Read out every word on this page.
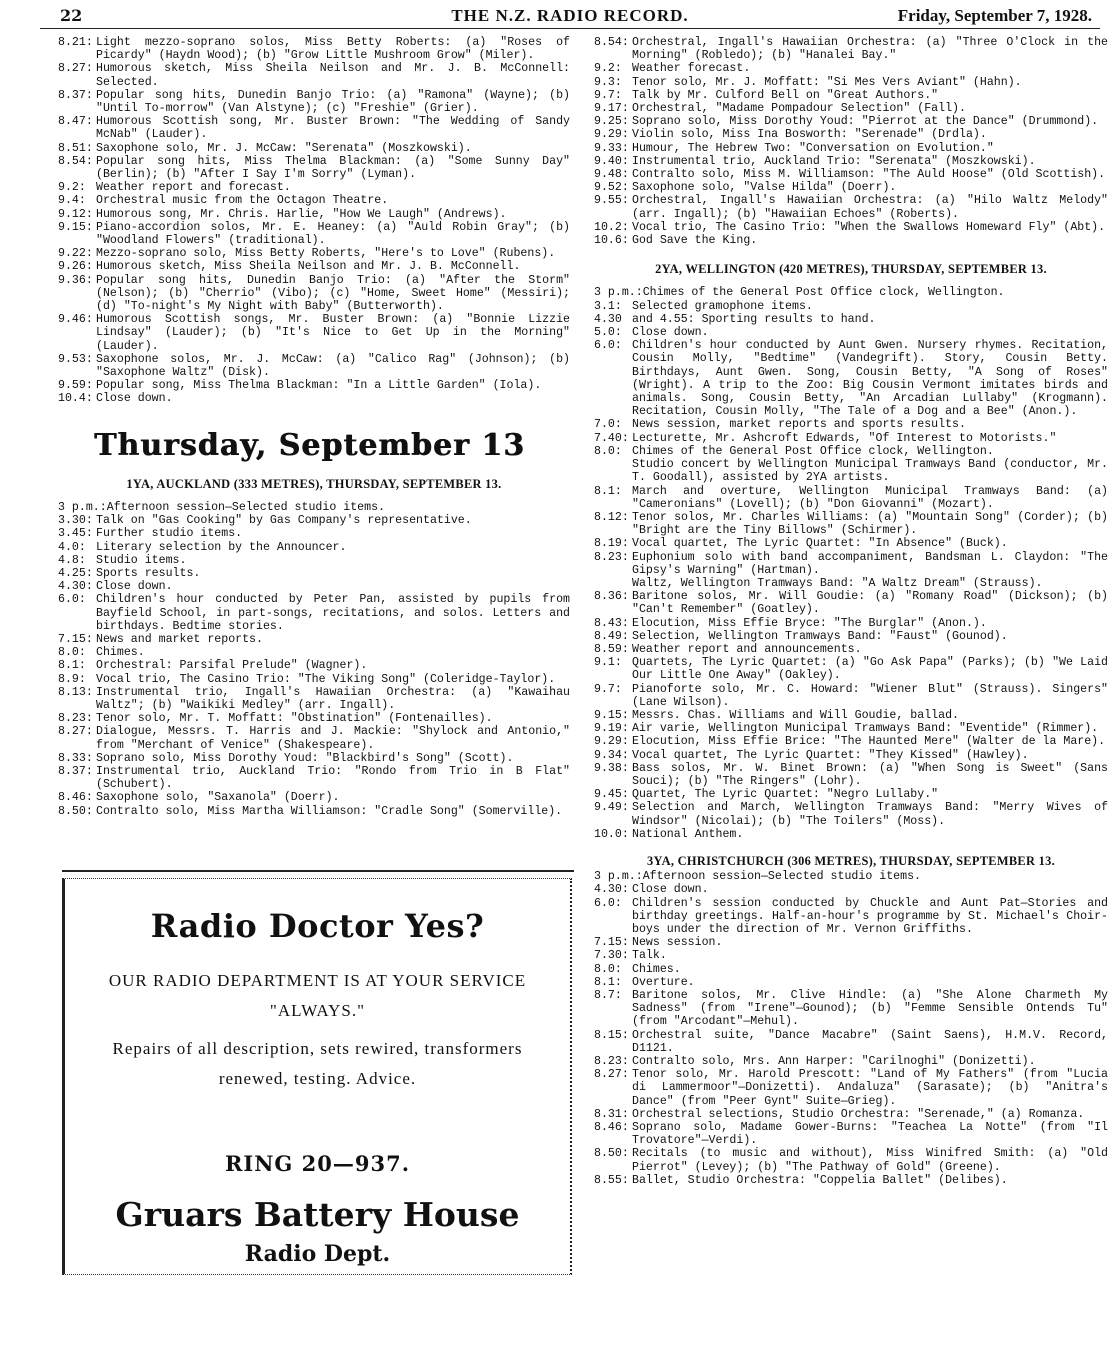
22	THE N.Z. RADIO RECORD.	Friday, September 7, 1928.
8.21: Light mezzo-soprano solos, Miss Betty Roberts: (a) "Roses of Picardy" (Haydn Wood); (b) "Grow Little Mushroom Grow" (Miler).
8.27: Humorous sketch, Miss Sheila Neilson and Mr. J. B. McConnell: Selected.
8.37: Popular song hits, Dunedin Banjo Trio: (a) "Ramona" (Wayne); (b) "Until To-morrow" (Van Alstyne); (c) "Freshie" (Grier).
8.47: Humorous Scottish song, Mr. Buster Brown: "The Wedding of Sandy McNab" (Lauder).
8.51: Saxophone solo, Mr. J. McCaw: "Serenata" (Moszkowski).
8.54: Popular song hits, Miss Thelma Blackman: (a) "Some Sunny Day" (Berlin); (b) "After I Say I'm Sorry" (Lyman).
9.2: Weather report and forecast.
9.4: Orchestral music from the Octagon Theatre.
9.12: Humorous song, Mr. Chris. Harlie, "How We Laugh" (Andrews).
9.15: Piano-accordion solos, Mr. E. Heaney: (a) "Auld Robin Gray"; (b) "Woodland Flowers" (traditional).
9.22: Mezzo-soprano solo, Miss Betty Roberts, "Here's to Love" (Rubens).
9.26: Humorous sketch, Miss Sheila Neilson and Mr. J. B. McConnell.
9.36: Popular song hits, Dunedin Banjo Trio: (a) "After the Storm" (Nelson); (b) "Cherrio" (Vibo); (c) "Home, Sweet Home" (Messiri); (d) "To-night's My Night with Baby" (Butterworth).
9.46: Humorous Scottish songs, Mr. Buster Brown: (a) "Bonnie Lizzie Lindsay" (Lauder); (b) "It's Nice to Get Up in the Morning" (Lauder).
9.53: Saxophone solos, Mr. J. McCaw: (a) "Calico Rag" (Johnson); (b) "Saxophone Waltz" (Disk).
9.59: Popular song, Miss Thelma Blackman: "In a Little Garden" (Iola).
10.4: Close down.
Thursday, September 13
1YA, AUCKLAND (333 METRES), THURSDAY, SEPTEMBER 13.
3 p.m.: Afternoon session—Selected studio items.
3.30: Talk on "Gas Cooking" by Gas Company's representative.
3.45: Further studio items.
4.0: Literary selection by the Announcer.
4.8: Studio items.
4.25: Sports results.
4.30: Close down.
6.0: Children's hour conducted by Peter Pan, assisted by pupils from Bayfield School, in part-songs, recitations, and solos. Letters and birthdays. Bedtime stories.
7.15: News and market reports.
8.0: Chimes.
8.1: Orchestral: Parsifal Prelude" (Wagner).
8.9: Vocal trio, The Casino Trio: "The Viking Song" (Coleridge-Taylor).
8.13: Instrumental trio, Ingall's Hawaiian Orchestra: (a) "Kawaihau Waltz"; (b) "Waikiki Medley" (arr. Ingall).
8.23: Tenor solo, Mr. T. Moffatt: "Obstination" (Fontenailles).
8.27: Dialogue, Messrs. T. Harris and J. Mackie: "Shylock and Antonio," from "Merchant of Venice" (Shakespeare).
8.33: Soprano solo, Miss Dorothy Youd: "Blackbird's Song" (Scott).
8.37: Instrumental trio, Auckland Trio: "Rondo from Trio in B Flat" (Schubert).
8.46: Saxophone solo, "Saxanola" (Doerr).
8.50: Contralto solo, Miss Martha Williamson: "Cradle Song" (Somerville).
Radio Doctor Yes?
OUR RADIO DEPARTMENT IS AT YOUR SERVICE
"ALWAYS."
Repairs of all description, sets rewired, transformers renewed, testing. Advice.
RING 20—937.
Gruars Battery House
Radio Dept.
8.54: Orchestral, Ingall's Hawaiian Orchestra: (a) "Three O'Clock in the Morning" (Robledo); (b) "Hanalei Bay."
9.2: Weather forecast.
9.3: Tenor solo, Mr. J. Moffatt: "Si Mes Vers Aviant" (Hahn).
9.7: Talk by Mr. Culford Bell on "Great Authors."
9.17: Orchestral, "Madame Pompadour Selection" (Fall).
9.25: Soprano solo, Miss Dorothy Youd: "Pierrot at the Dance" (Drummond).
9.29: Violin solo, Miss Ina Bosworth: "Serenade" (Drdla).
9.33: Humour, The Hebrew Two: "Conversation on Evolution."
9.40: Instrumental trio, Auckland Trio: "Serenata" (Moszkowski).
9.48: Contralto solo, Miss M. Williamson: "The Auld Hoose" (Old Scottish).
9.52: Saxophone solo, "Valse Hilda" (Doerr).
9.55: Orchestral, Ingall's Hawaiian Orchestra: (a) "Hilo Waltz Melody" (arr. Ingall); (b) "Hawaiian Echoes" (Roberts).
10.2: Vocal trio, The Casino Trio: "When the Swallows Homeward Fly" (Abt).
10.6: God Save the King.
2YA, WELLINGTON (420 METRES), THURSDAY, SEPTEMBER 13.
3 p.m.: Chimes of the General Post Office clock, Wellington.
3.1: Selected gramophone items.
4.30 and 4.55: Sporting results to hand.
5.0: Close down.
6.0: Children's hour conducted by Aunt Gwen. Nursery rhymes. Recitation, Cousin Molly, "Bedtime" (Vandegrift). Story, Cousin Betty. Birthdays, Aunt Gwen. Song, Cousin Betty, "A Song of Roses" (Wright). A trip to the Zoo: Big Cousin Vermont imitates birds and animals. Song, Cousin Betty, "An Arcadian Lullaby" (Krogmann). Recitation, Cousin Molly, "The Tale of a Dog and a Bee" (Anon.).
7.0: News session, market reports and sports results.
7.40: Lecturette, Mr. Ashcroft Edwards, "Of Interest to Motorists."
8.0: Chimes of the General Post Office clock, Wellington.
Studio concert by Wellington Municipal Tramways Band (conductor, Mr. T. Goodall), assisted by 2YA artists.
8.1: March and overture, Wellington Municipal Tramways Band: (a) "Cameronians" (Lovell); (b) "Don Giovanni" (Mozart).
8.12: Tenor solos, Mr. Charles Williams: (a) "Mountain Song" (Corder); (b) "Bright are the Tiny Billows" (Schirmer).
8.19: Vocal quartet, The Lyric Quartet: "In Absence" (Buck).
8.23: Euphonium solo with band accompaniment, Bandsman L. Claydon: "The Gipsy's Warning" (Hartman).
Waltz, Wellington Tramways Band: "A Waltz Dream" (Strauss).
8.36: Baritone solos, Mr. Will Goudie: (a) "Romany Road" (Dickson); (b) "Can't Remember" (Goatley).
8.43: Elocution, Miss Effie Bryce: "The Burglar" (Anon.).
8.49: Selection, Wellington Tramways Band: "Faust" (Gounod).
8.59: Weather report and announcements.
9.1: Quartets, The Lyric Quartet: (a) "Go Ask Papa" (Parks); (b) "We Laid Our Little One Away" (Oakley).
9.7: Pianoforte solo, Mr. C. Howard: "Wiener Blut" (Strauss). Singers" (Lane Wilson).
9.15: Messrs. Chas. Williams and Will Goudie, ballad.
9.19: Air varie, Wellington Municipal Tramways Band: "Eventide" (Rimmer).
9.29: Elocution, Miss Effie Brice: "The Haunted Mere" (Walter de la Mare).
9.34: Vocal quartet, The Lyric Quartet: "They Kissed" (Hawley).
9.38: Bass solos, Mr. W. Binet Brown: (a) "When Song is Sweet" (Sans Souci); (b) "The Ringers" (Lohr).
9.45: Quartet, The Lyric Quartet: "Negro Lullaby."
9.49: Selection and March, Wellington Tramways Band: "Merry Wives of Windsor" (Nicolai); (b) "The Toilers" (Moss).
10.0: National Anthem.
3YA, CHRISTCHURCH (306 METRES), THURSDAY, SEPTEMBER 13.
3 p.m.: Afternoon session—Selected studio items.
4.30: Close down.
6.0: Children's session conducted by Chuckle and Aunt Pat—Stories and birthday greetings. Half-an-hour's programme by St. Michael's Choir-boys under the direction of Mr. Vernon Griffiths.
7.15: News session.
7.30: Talk.
8.0: Chimes.
8.1: Overture.
8.7: Baritone solos, Mr. Clive Hindle: (a) "She Alone Charmeth My Sadness" (from "Irene"—Gounod); (b) "Femme Sensible Ontends Tu" (from "Arcodant"—Mehul).
8.15: Orchestral suite, "Dance Macabre" (Saint Saens), H.M.V. Record, D1121.
8.23: Contralto solo, Mrs. Ann Harper: "Carilnoghi" (Donizetti).
8.27: Tenor solo, Mr. Harold Prescott: "Land of My Fathers" (from "Lucia di Lammermoor"—Donizetti). Andaluza" (Sarasate); (b) "Anitra's Dance" (from "Peer Gynt" Suite—Grieg).
8.31: Orchestral selections, Studio Orchestra: "Serenade," (a) Romanza.
8.46: Soprano solo, Madame Gower-Burns: "Teachea La Notte" (from "Il Trovatore"—Verdi).
8.50: Recitals (to music and without), Miss Winifred Smith: (a) "Old Pierrot" (Levey); (b) "The Pathway of Gold" (Greene).
8.55: Ballet, Studio Orchestra: "Coppelia Ballet" (Delibes).
